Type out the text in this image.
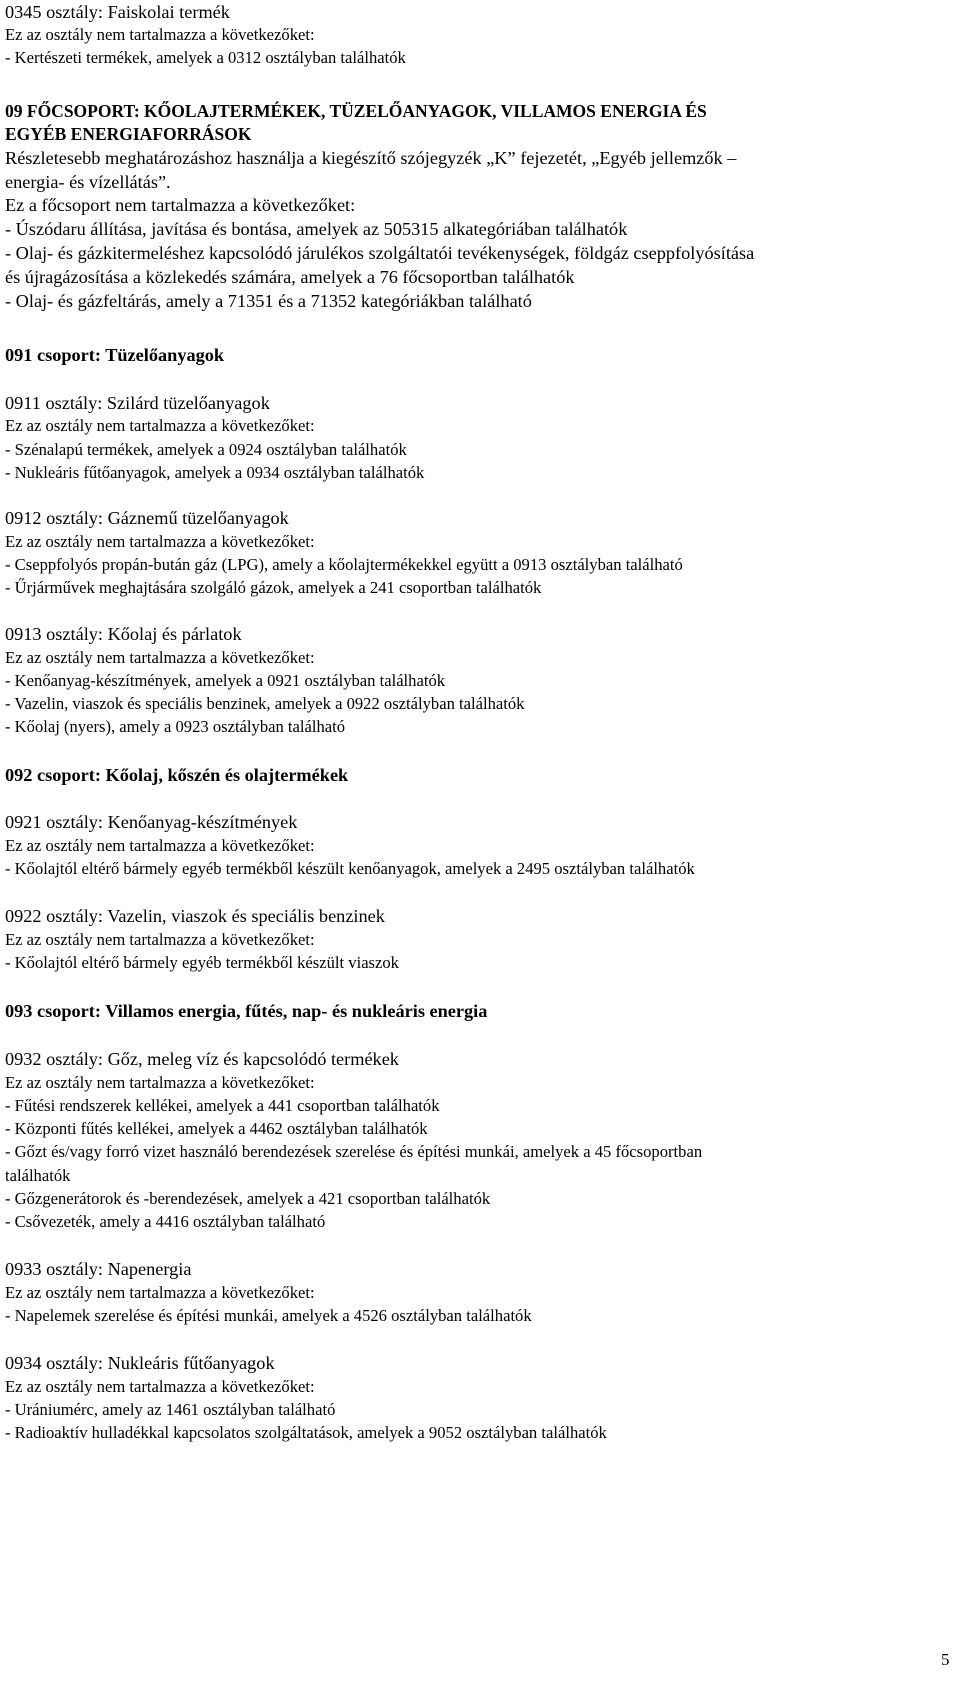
0345 osztály: Faiskolai termék
Ez az osztály nem tartalmazza a következőket:
- Kertészeti termékek, amelyek a 0312 osztályban találhatók
09 FŐCSOPORT: KŐOLAJTERMÉKEK, TÜZELŐANYAGOK, VILLAMOS ENERGIA ÉS
EGYÉB ENERGIAFORRÁSOK
Részletesebb meghatározáshoz használja a kiegészítő szójegyzék „K” fejezetét, „Egyéb jellemzők –
energia- és vízellátás”.
Ez a főcsoport nem tartalmazza a következőket:
- Úszódaru állítása, javítása és bontása, amelyek az 505315 alkategóriában találhatók
- Olaj- és gázkitermeléshez kapcsolódó járulékos szolgáltatói tevékenységek, földgáz cseppfolyósítása
és újragázosítása a közlekedés számára, amelyek a 76 főcsoportban találhatók
- Olaj- és gázfeltárás, amely a 71351 és a 71352 kategóriákban található
091 csoport: Tüzelőanyagok
0911 osztály: Szilárd tüzelőanyagok
Ez az osztály nem tartalmazza a következőket:
- Szénalapú termékek, amelyek a 0924 osztályban találhatók
- Nukleáris fűtőanyagok, amelyek a 0934 osztályban találhatók
0912 osztály: Gáznemű tüzelőanyagok
Ez az osztály nem tartalmazza a következőket:
- Cseppfolyós propán-bután gáz (LPG), amely a kőolajtermékekkel együtt a 0913 osztályban található
- Űrjárművek meghajtására szolgáló gázok, amelyek a 241 csoportban találhatók
0913 osztály: Kőolaj és párlatok
Ez az osztály nem tartalmazza a következőket:
- Kenőanyag-készítmények, amelyek a 0921 osztályban találhatók
- Vazelin, viaszok és speciális benzinek, amelyek a 0922 osztályban találhatók
- Kőolaj (nyers), amely a 0923 osztályban található
092 csoport: Kőolaj, kőszén és olajtermékek
0921 osztály: Kenőanyag-készítmények
Ez az osztály nem tartalmazza a következőket:
- Kőolajtól eltérő bármely egyéb termékből készült kenőanyagok, amelyek a 2495 osztályban találhatók
0922 osztály: Vazelin, viaszok és speciális benzinek
Ez az osztály nem tartalmazza a következőket:
- Kőolajtól eltérő bármely egyéb termékből készült viaszok
093 csoport: Villamos energia, fűtés, nap- és nukleáris energia
0932 osztály: Gőz, meleg víz és kapcsolódó termékek
Ez az osztály nem tartalmazza a következőket:
- Fűtési rendszerek kellékei, amelyek a 441 csoportban találhatók
- Központi fűtés kellékei, amelyek a 4462 osztályban találhatók
- Gőzt és/vagy forró vizet használó berendezések szerelése és építési munkái, amelyek a 45 főcsoportban
találhatók
- Gőzgenerátorok és -berendezések, amelyek a 421 csoportban találhatók
- Csővezeték, amely a 4416 osztályban található
0933 osztály: Napenergia
Ez az osztály nem tartalmazza a következőket:
- Napelemek szerelése és építési munkái, amelyek a 4526 osztályban találhatók
0934 osztály: Nukleáris fűtőanyagok
Ez az osztály nem tartalmazza a következőket:
- Urániumérc, amely az 1461 osztályban található
- Radioaktív hulladékkal kapcsolatos szolgáltatások, amelyek a 9052 osztályban találhatók
5
